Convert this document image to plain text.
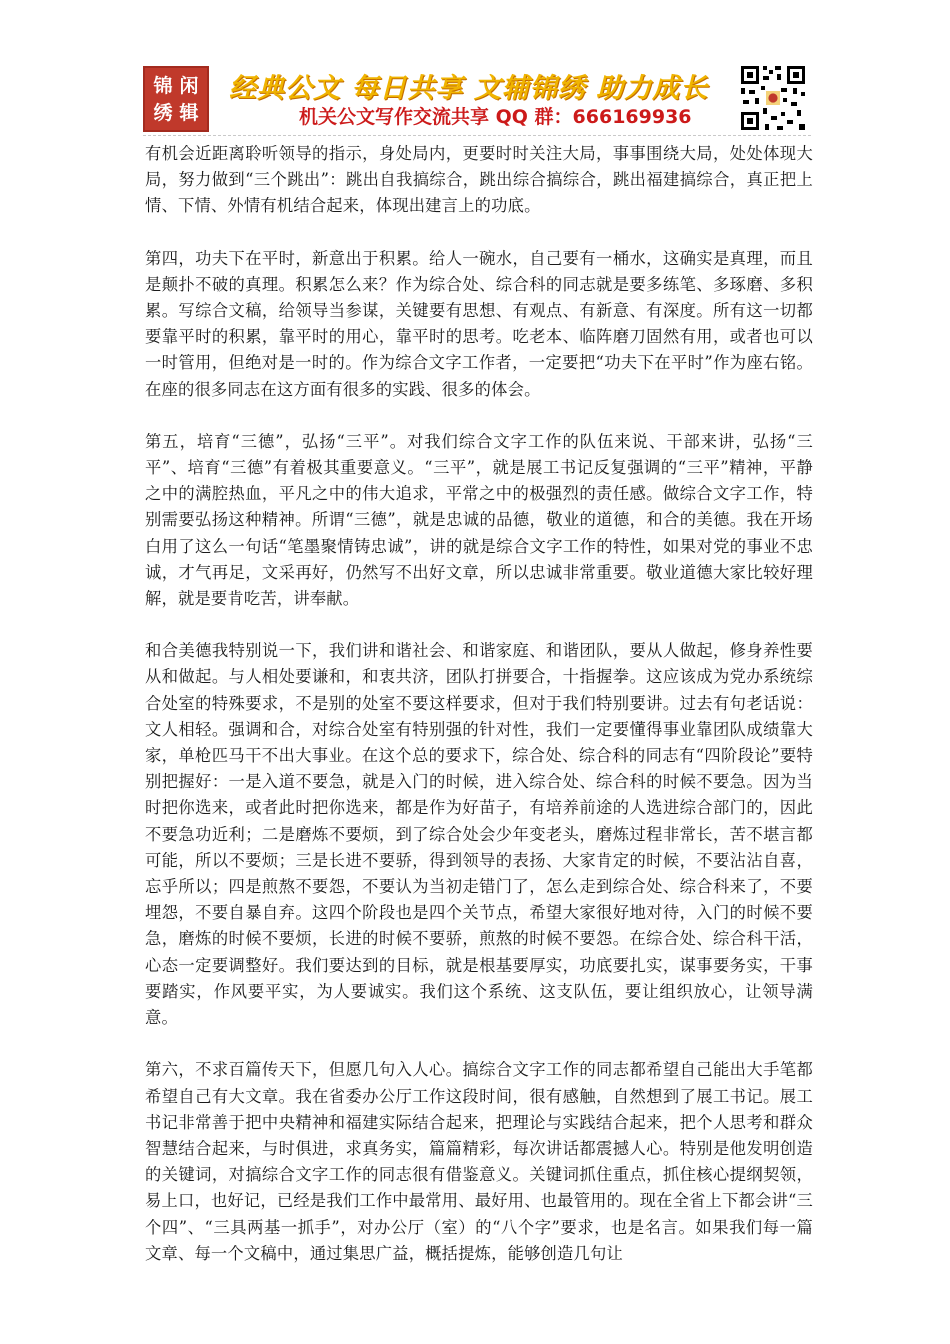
锦 闲
绣 辑
经典公文 每日共享 文辅锦绣 助力成长
机关公文写作交流共享 QQ 群：666169936

有机会近距离聆听领导的指示，身处局内，更要时时关注大局，事事围绕大局，处处体现大局，努力做到“三个跳出”：跳出自我搞综合，跳出综合搞综合，跳出福建搞综合，真正把上情、下情、外情有机结合起来，体现出建言上的功底。

第四，功夫下在平时，新意出于积累。给人一碗水，自己要有一桶水，这确实是真理，而且是颠扑不破的真理。积累怎么来？作为综合处、综合科的同志就是要多练笔、多琢磨、多积累。写综合文稿，给领导当参谋，关键要有思想、有观点、有新意、有深度。所有这一切都要靠平时的积累，靠平时的用心，靠平时的思考。吃老本、临阵磨刀固然有用，或者也可以一时管用，但绝对是一时的。作为综合文字工作者，一定要把“功夫下在平时”作为座右铭。在座的很多同志在这方面有很多的实践、很多的体会。

第五，培育“三德”，弘扬“三平”。对我们综合文字工作的队伍来说、干部来讲，弘扬“三平”、培育“三德”有着极其重要意义。“三平”，就是展工书记反复强调的“三平”精神，平静之中的满腔热血，平凡之中的伟大追求，平常之中的极强烈的责任感。做综合文字工作，特别需要弘扬这种精神。所谓“三德”，就是忠诚的品德，敬业的道德，和合的美德。我在开场白用了这么一句话“笔墨聚情铸忠诚”，讲的就是综合文字工作的特性，如果对党的事业不忠诚，才气再足，文采再好，仍然写不出好文章，所以忠诚非常重要。敬业道德大家比较好理解，就是要肯吃苦，讲奉献。

和合美德我特别说一下，我们讲和谐社会、和谐家庭、和谐团队，要从人做起，修身养性要从和做起。与人相处要谦和，和衷共济，团队打拼要合，十指握拳。这应该成为党办系统综合处室的特殊要求，不是别的处室不要这样要求，但对于我们特别要讲。过去有句老话说：文人相轻。强调和合，对综合处室有特别强的针对性，我们一定要懂得事业靠团队成绩靠大家，单枪匹马干不出大事业。在这个总的要求下，综合处、综合科的同志有“四阶段论”要特别把握好：一是入道不要急，就是入门的时候，进入综合处、综合科的时候不要急。因为当时把你选来，或者此时把你选来，都是作为好苗子，有培养前途的人选进综合部门的，因此不要急功近利；二是磨炼不要烦，到了综合处会少年变老头，磨炼过程非常长，苦不堪言都可能，所以不要烦；三是长进不要骄，得到领导的表扬、大家肯定的时候，不要沾沾自喜，忘乎所以；四是煎熬不要怨，不要认为当初走错门了，怎么走到综合处、综合科来了，不要埋怨，不要自暴自弃。这四个阶段也是四个关节点，希望大家很好地对待，入门的时候不要急，磨炼的时候不要烦，长进的时候不要骄，煎熬的时候不要怨。在综合处、综合科干活，心态一定要调整好。我们要达到的目标，就是根基要厚实，功底要扎实，谋事要务实，干事要踏实，作风要平实，为人要诚实。我们这个系统、这支队伍，要让组织放心，让领导满意。

第六，不求百篇传天下，但愿几句入人心。搞综合文字工作的同志都希望自己能出大手笔都希望自己有大文章。我在省委办公厅工作这段时间，很有感触，自然想到了展工书记。展工书记非常善于把中央精神和福建实际结合起来，把理论与实践结合起来，把个人思考和群众智慧结合起来，与时俱进，求真务实，篇篇精彩，每次讲话都震撼人心。特别是他发明创造的关键词，对搞综合文字工作的同志很有借鉴意义。关键词抓住重点，抓住核心提纲契领，易上口，也好记，已经是我们工作中最常用、最好用、也最管用的。现在全省上下都会讲“三个四”、“三具两基一抓手”，对办公厅（室）的“八个字”要求，也是名言。如果我们每一篇文章、每一个文稿中，通过集思广益，概括提炼，能够创造几句让
